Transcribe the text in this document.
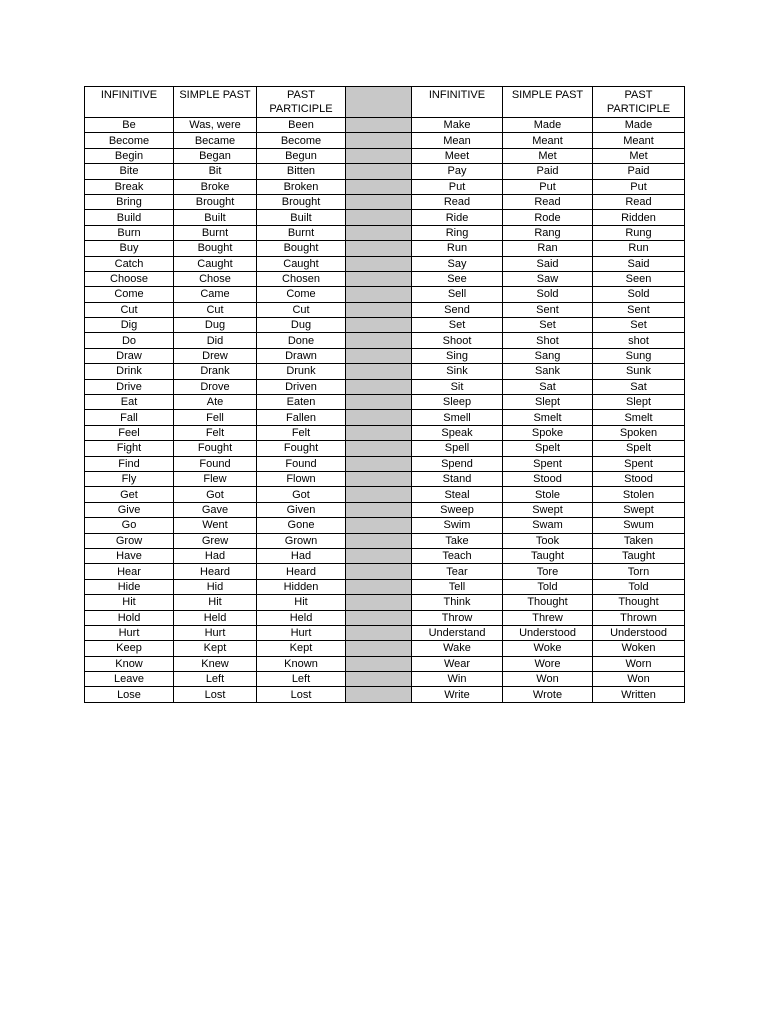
INFINITIVE	SIMPLE PAST	PAST PARTICIPLE		INFINITIVE	SIMPLE PAST	PAST PARTICIPLE
Be	Was, were	Been		Make	Made	Made
Become	Became	Become		Mean	Meant	Meant
Begin	Began	Begun		Meet	Met	Met
Bite	Bit	Bitten		Pay	Paid	Paid
Break	Broke	Broken		Put	Put	Put
Bring	Brought	Brought		Read	Read	Read
Build	Built	Built		Ride	Rode	Ridden
Burn	Burnt	Burnt		Ring	Rang	Rung
Buy	Bought	Bought		Run	Ran	Run
Catch	Caught	Caught		Say	Said	Said
Choose	Chose	Chosen		See	Saw	Seen
Come	Came	Come		Sell	Sold	Sold
Cut	Cut	Cut		Send	Sent	Sent
Dig	Dug	Dug		Set	Set	Set
Do	Did	Done		Shoot	Shot	shot
Draw	Drew	Drawn		Sing	Sang	Sung
Drink	Drank	Drunk		Sink	Sank	Sunk
Drive	Drove	Driven		Sit	Sat	Sat
Eat	Ate	Eaten		Sleep	Slept	Slept
Fall	Fell	Fallen		Smell	Smelt	Smelt
Feel	Felt	Felt		Speak	Spoke	Spoken
Fight	Fought	Fought		Spell	Spelt	Spelt
Find	Found	Found		Spend	Spent	Spent
Fly	Flew	Flown		Stand	Stood	Stood
Get	Got	Got		Steal	Stole	Stolen
Give	Gave	Given		Sweep	Swept	Swept
Go	Went	Gone		Swim	Swam	Swum
Grow	Grew	Grown		Take	Took	Taken
Have	Had	Had		Teach	Taught	Taught
Hear	Heard	Heard		Tear	Tore	Torn
Hide	Hid	Hidden		Tell	Told	Told
Hit	Hit	Hit		Think	Thought	Thought
Hold	Held	Held		Throw	Threw	Thrown
Hurt	Hurt	Hurt		Understand	Understood	Understood
Keep	Kept	Kept		Wake	Woke	Woken
Know	Knew	Known		Wear	Wore	Worn
Leave	Left	Left		Win	Won	Won
Lose	Lost	Lost		Write	Wrote	Written
